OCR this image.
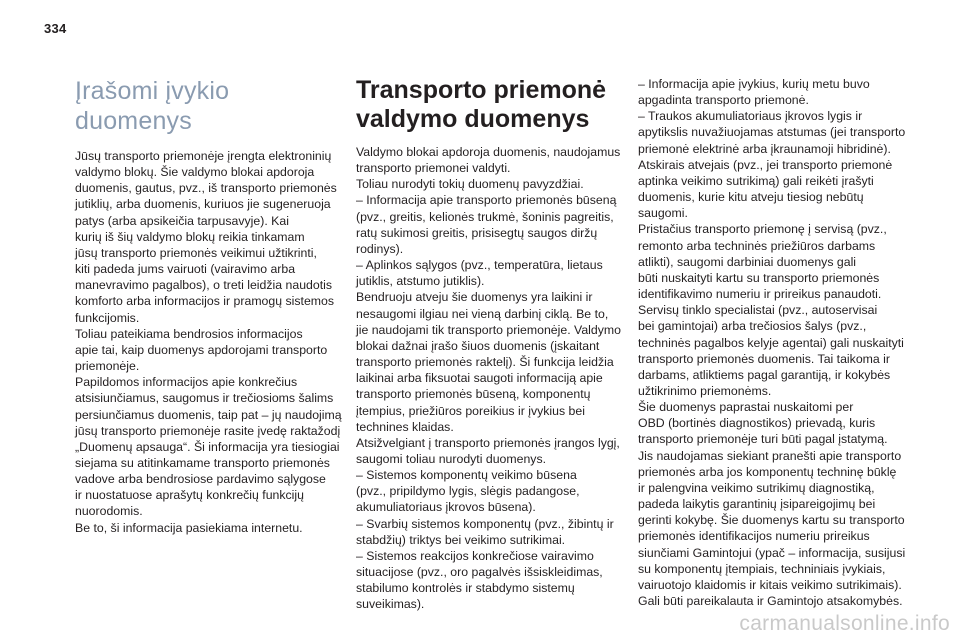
334
Įrašomi įvykio duomenys
Jūsų transporto priemonėje įrengta elektroninių
valdymo blokų. Šie valdymo blokai apdoroja
duomenis, gautus, pvz., iš transporto priemonės
jutiklių, arba duomenis, kuriuos jie sugeneruoja
patys (arba apsikeičia tarpusavyje). Kai
kurių iš šių valdymo blokų reikia tinkamam
jūsų transporto priemonės veikimui užtikrinti,
kiti padeda jums vairuoti (vairavimo arba
manevravimo pagalbos), o treti leidžia naudotis
komforto arba informacijos ir pramogų sistemos
funkcijomis.
Toliau pateikiama bendrosios informacijos
apie tai, kaip duomenys apdorojami transporto
priemonėje.
Papildomos informacijos apie konkrečius
atsisiunčiamus, saugomus ir trečiosioms šalims
persiunčiamus duomenis, taip pat – jų naudojimą
jūsų transporto priemonėje rasite įvedę raktažodį
„Duomenų apsauga“. Ši informacija yra tiesiogiai
siejama su atitinkamame transporto priemonės
vadove arba bendrosiose pardavimo sąlygose
ir nuostatuose aprašytų konkrečių funkcijų
nuorodomis.
Be to, ši informacija pasiekiama internetu.
Transporto priemonė
valdymo duomenys
Valdymo blokai apdoroja duomenis, naudojamus
transporto priemonei valdyti.
Toliau nurodyti tokių duomenų pavyzdžiai.
– Informacija apie transporto priemonės būseną
(pvz., greitis, kelionės trukmė, šoninis pagreitis,
ratų sukimosi greitis, prisisegtų saugos diržų
rodinys).
– Aplinkos sąlygos (pvz., temperatūra, lietaus
jutiklis, atstumo jutiklis).
Bendruoju atveju šie duomenys yra laikini ir
nesaugomi ilgiau nei vieną darbinį ciklą. Be to,
jie naudojami tik transporto priemonėje. Valdymo
blokai dažnai įrašo šiuos duomenis (įskaitant
transporto priemonės raktelį). Ši funkcija leidžia
laikinai arba fiksuotai saugoti informaciją apie
transporto priemonės būseną, komponentų
įtempius, priežiūros poreikius ir įvykius bei
technines klaidas.
Atsižvelgiant į transporto priemonės įrangos lygį,
saugomi toliau nurodyti duomenys.
– Sistemos komponentų veikimo būsena
(pvz., pripildymo lygis, slėgis padangose,
akumuliatoriaus įkrovos būsena).
– Svarbių sistemos komponentų (pvz., žibintų ir
stabdžių) triktys bei veikimo sutrikimai.
– Sistemos reakcijos konkrečiose vairavimo
situacijose (pvz., oro pagalvės išsiskleidimas,
stabilumo kontrolės ir stabdymo sistemų
suveikimas).
– Informacija apie įvykius, kurių metu buvo
apgadinta transporto priemonė.
– Traukos akumuliatoriaus įkrovos lygis ir
apytikslis nuvažiuojamas atstumas (jei transporto
priemonė elektrinė arba įkraunamoji hibridinė).
Atskirais atvejais (pvz., jei transporto priemonė
aptinka veikimo sutrikimą) gali reikėti įrašyti
duomenis, kurie kitu atveju tiesiog nebūtų
saugomi.
Pristačius transporto priemonę į servisą (pvz.,
remonto arba techninės priežiūros darbams
atlikti), saugomi darbiniai duomenys gali
būti nuskaityti kartu su transporto priemonės
identifikavimo numeriu ir prireikus panaudoti.
Servisų tinklo specialistai (pvz., autoservisai
bei gamintojai) arba trečiosios šalys (pvz.,
techninės pagalbos kelyje agentai) gali nuskaityti
transporto priemonės duomenis. Tai taikoma ir
darbams, atliktiems pagal garantiją, ir kokybės
užtikrinimo priemonėms.
Šie duomenys paprastai nuskaitomi per
OBD (bortinės diagnostikos) prievadą, kuris
transporto priemonėje turi būti pagal įstatymą.
Jis naudojamas siekiant pranešti apie transporto
priemonės arba jos komponentų techninę būklę
ir palengvina veikimo sutrikimų diagnostiką,
padeda laikytis garantinių įsipareigojimų bei
gerinti kokybę. Šie duomenys kartu su transporto
priemonės identifikacijos numeriu prireikus
siunčiami Gamintojui (ypač – informacija, susijusi
su komponentų įtempiais, techniniais įvykiais,
vairuotojo klaidomis ir kitais veikimo sutrikimais).
Gali būti pareikalauta ir Gamintojo atsakomybės.
carmanualsonline.info
